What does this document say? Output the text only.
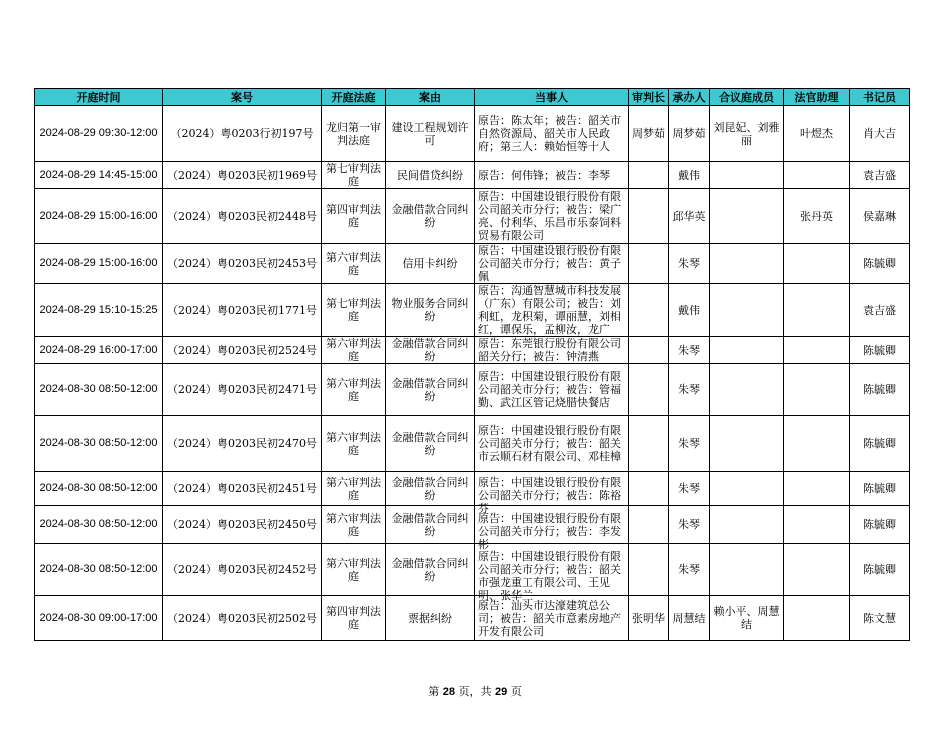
开庭时间	案号	开庭法庭	案由	当事人	审判长	承办人	合议庭成员	法官助理	书记员

2024-08-29 09:30-12:00	（2024）粤0203行初197号	龙归第一审判法庭	建设工程规划许可	原告：陈太年；被告：韶关市自然资源局、韶关市人民政府；第三人：赖始恒等十人	周梦茹	周梦茹	刘昆妃、刘雅丽	叶煜杰	肖大吉

2024-08-29 14:45-15:00	（2024）粤0203民初1969号	第七审判法庭	民间借贷纠纷	原告：何伟锋；被告：李琴		戴伟			袁吉盛

2024-08-29 15:00-16:00	（2024）粤0203民初2448号	第四审判法庭	金融借款合同纠纷	原告：中国建设银行股份有限公司韶关市分行；被告：梁广亮、付利华、乐昌市乐泰饲料贸易有限公司		邱华英		张丹英	侯嘉琳

2024-08-29 15:00-16:00	（2024）粤0203民初2453号	第六审判法庭	信用卡纠纷	原告：中国建设银行股份有限公司韶关市分行；被告：黄子佩		朱琴			陈毓卿

2024-08-29 15:10-15:25	（2024）粤0203民初1771号	第七审判法庭	物业服务合同纠纷	原告：沟通智慧城市科技发展（广东）有限公司；被告：刘利虹，龙积菊，谭丽慧，刘相红，谭保乐，孟柳汝，龙广		戴伟			袁吉盛

2024-08-29 16:00-17:00	（2024）粤0203民初2524号	第六审判法庭	金融借款合同纠纷	原告：东莞银行股份有限公司韶关分行；被告：钟清燕		朱琴			陈毓卿

2024-08-30 08:50-12:00	（2024）粤0203民初2471号	第六审判法庭	金融借款合同纠纷	原告：中国建设银行股份有限公司韶关市分行；被告：管福勤、武江区管记烧腊快餐店		朱琴			陈毓卿

2024-08-30 08:50-12:00	（2024）粤0203民初2470号	第六审判法庭	金融借款合同纠纷	原告：中国建设银行股份有限公司韶关市分行；被告：韶关市云顺石材有限公司、邓桂樟		朱琴			陈毓卿

2024-08-30 08:50-12:00	（2024）粤0203民初2451号	第六审判法庭	金融借款合同纠纷	原告：中国建设银行股份有限公司韶关市分行；被告：陈裕芬		朱琴			陈毓卿

2024-08-30 08:50-12:00	（2024）粤0203民初2450号	第六审判法庭	金融借款合同纠纷	原告：中国建设银行股份有限公司韶关市分行；被告：李发彬		朱琴			陈毓卿

2024-08-30 08:50-12:00	（2024）粤0203民初2452号	第六审判法庭	金融借款合同纠纷	原告：中国建设银行股份有限公司韶关市分行；被告：韶关市强龙重工有限公司、王见明、张华兰		朱琴			陈毓卿

2024-08-30 09:00-17:00	（2024）粤0203民初2502号	第四审判法庭	票据纠纷	原告：汕头市达濠建筑总公司；被告：韶关市意素房地产开发有限公司	张明华	周慧结	赖小平、周慧结		陈文慧
第 28 页，共 29 页
